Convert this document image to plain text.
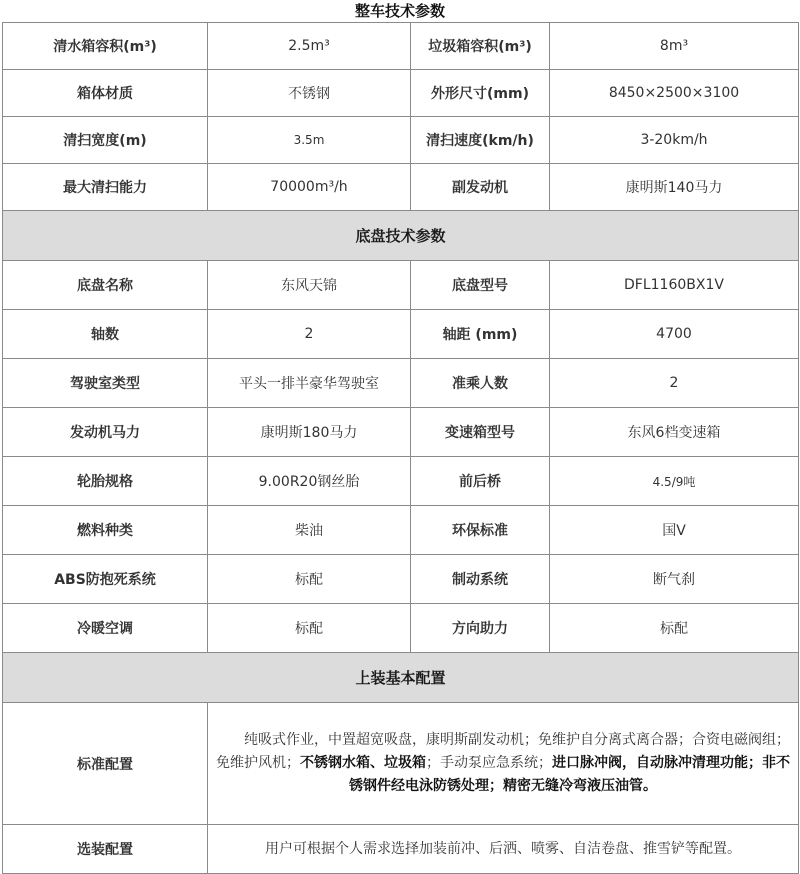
整车技术参数
清水箱容积(m³)	2.5m³	垃圾箱容积(m³)	8m³
箱体材质	不锈钢	外形尺寸(mm)	8450×2500×3100
清扫宽度(m)	3.5m	清扫速度(km/h)	3-20km/h
最大清扫能力	70000m³/h	副发动机	康明斯140马力
底盘技术参数			
底盘名称	东风天锦	底盘型号	DFL1160BX1V
轴数	2	轴距 (mm)	4700
驾驶室类型	平头一排半豪华驾驶室	准乘人数	2
发动机马力	康明斯180马力	变速箱型号	东风6档变速箱
轮胎规格	9.00R20钢丝胎	前后桥	4.5/9吨
燃料种类	柴油	环保标准	国V
ABS防抱死系统	标配	制动系统	断气刹
冷暖空调	标配	方向助力	标配
上装基本配置			
标准配置	纯吸式作业，中置超宽吸盘，康明斯副发动机；免维护自分离式离合器；合资电磁阀组；免维护风机；不锈钢水箱、垃圾箱；手动泵应急系统；进口脉冲阀，自动脉冲清理功能；非不锈钢件经电泳防锈处理；精密无缝冷弯液压油管。		
选装配置	用户可根据个人需求选择加装前冲、后洒、喷雾、自洁卷盘、推雪铲等配置。		
